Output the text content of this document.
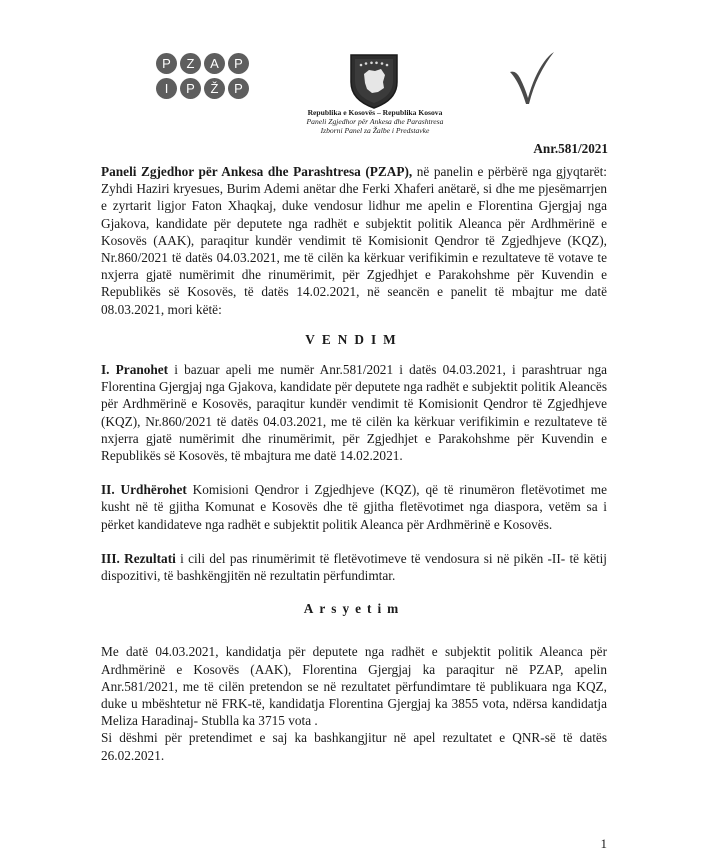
P	Z	A	P
I	P	Ž	P
Republika e Kosovës – Republika Kosova
Paneli Zgjedhor për Ankesa dhe Parashtresa
Izborni Panel za Žalbe i Predstavke
Anr.581/2021

Paneli Zgjedhor për Ankesa dhe Parashtresa (PZAP), në panelin e përbërë nga gjyqtarët: Zyhdi Haziri kryesues, Burim Ademi anëtar dhe Ferki Xhaferi anëtarë, si dhe me pjesëmarrjen e zyrtarit ligjor Faton Xhaqkaj, duke vendosur lidhur me apelin e Florentina Gjergjaj nga Gjakova, kandidate për deputete nga radhët e subjektit politik Aleanca për Ardhmërinë e Kosovës (AAK), paraqitur kundër vendimit të Komisionit Qendror të Zgjedhjeve (KQZ), Nr.860/2021 të datës 04.03.2021, me të cilën ka kërkuar verifikimin e rezultateve të votave te nxjerra gjatë numërimit dhe rinumërimit, për Zgjedhjet e Parakohshme për Kuvendin e Republikës së Kosovës, të datës 14.02.2021, në seancën e panelit të mbajtur me datë 08.03.2021, mori këtë:

VENDIM

I. Pranohet i bazuar apeli me numër Anr.581/2021 i datës 04.03.2021, i parashtruar nga Florentina Gjergjaj nga Gjakova, kandidate për deputete nga radhët e subjektit politik Aleancës për Ardhmërinë e Kosovës, paraqitur kundër vendimit të Komisionit Qendror të Zgjedhjeve (KQZ), Nr.860/2021 të datës 04.03.2021, me të cilën ka kërkuar verifikimin e rezultateve të nxjerra gjatë numërimit dhe rinumërimit, për Zgjedhjet e Parakohshme për Kuvendin e Republikës së Kosovës, të mbajtura me datë 14.02.2021.

II. Urdhërohet Komisioni Qendror i Zgjedhjeve (KQZ), që të rinumëron fletëvotimet me kusht në të gjitha Komunat e Kosovës dhe të gjitha fletëvotimet nga diaspora, vetëm sa i përket kandidateve nga radhët e subjektit politik Aleanca për Ardhmërinë e Kosovës.

III. Rezultati i cili del pas rinumërimit të fletëvotimeve të vendosura si në pikën -II- të këtij dispozitivi, të bashkëngjitën në rezultatin përfundimtar.

Arsyetim

Me datë 04.03.2021, kandidatja për deputete nga radhët e subjektit politik Aleanca për Ardhmërinë e Kosovës (AAK), Florentina Gjergjaj ka paraqitur në PZAP, apelin Anr.581/2021, me të cilën pretendon se në rezultatet përfundimtare të publikuara nga KQZ, duke u mbështetur në FRK-të, kandidatja Florentina Gjergjaj ka 3855 vota, ndërsa kandidatja Meliza Haradinaj- Stublla ka 3715 vota .

Si dëshmi për pretendimet e saj ka bashkangjitur në apel rezultatet e QNR-së të datës 26.02.2021.

1
